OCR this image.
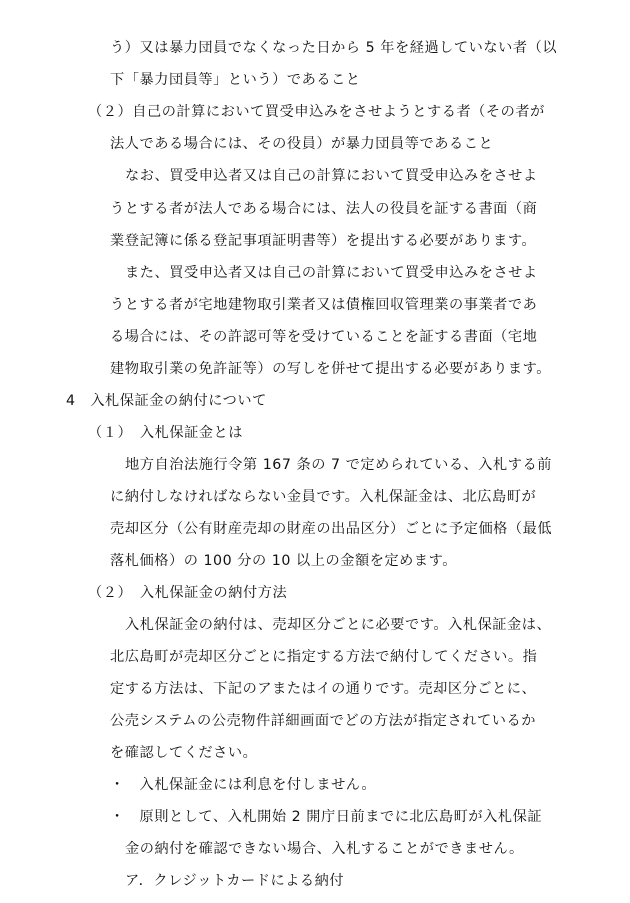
う）又は暴力団員でなくなった日から 5 年を経過していない者（以
下「暴力団員等」という）であること
（２）自己の計算において買受申込みをさせようとする者（その者が
法人である場合には、その役員）が暴力団員等であること
なお、買受申込者又は自己の計算において買受申込みをさせよ
うとする者が法人である場合には、法人の役員を証する書面（商
業登記簿に係る登記事項証明書等）を提出する必要があります。
また、買受申込者又は自己の計算において買受申込みをさせよ
うとする者が宅地建物取引業者又は債権回収管理業の事業者であ
る場合には、その許認可等を受けていることを証する書面（宅地
建物取引業の免許証等）の写しを併せて提出する必要があります。
4　入札保証金の納付について
（１）　入札保証金とは
地方自治法施行令第 167 条の 7 で定められている、入札する前
に納付しなければならない金員です。入札保証金は、北広島町が
売却区分（公有財産売却の財産の出品区分）ごとに予定価格（最低
落札価格）の 100 分の 10 以上の金額を定めます。
（２）　入札保証金の納付方法
入札保証金の納付は、売却区分ごとに必要です。入札保証金は、
北広島町が売却区分ごとに指定する方法で納付してください。指
定する方法は、下記のアまたはイの通りです。売却区分ごとに、
公売システムの公売物件詳細画面でどの方法が指定されているか
を確認してください。
・　入札保証金には利息を付しません。
・　原則として、入札開始 2 開庁日前までに北広島町が入札保証
金の納付を確認できない場合、入札することができません。
ア．クレジットカードによる納付
